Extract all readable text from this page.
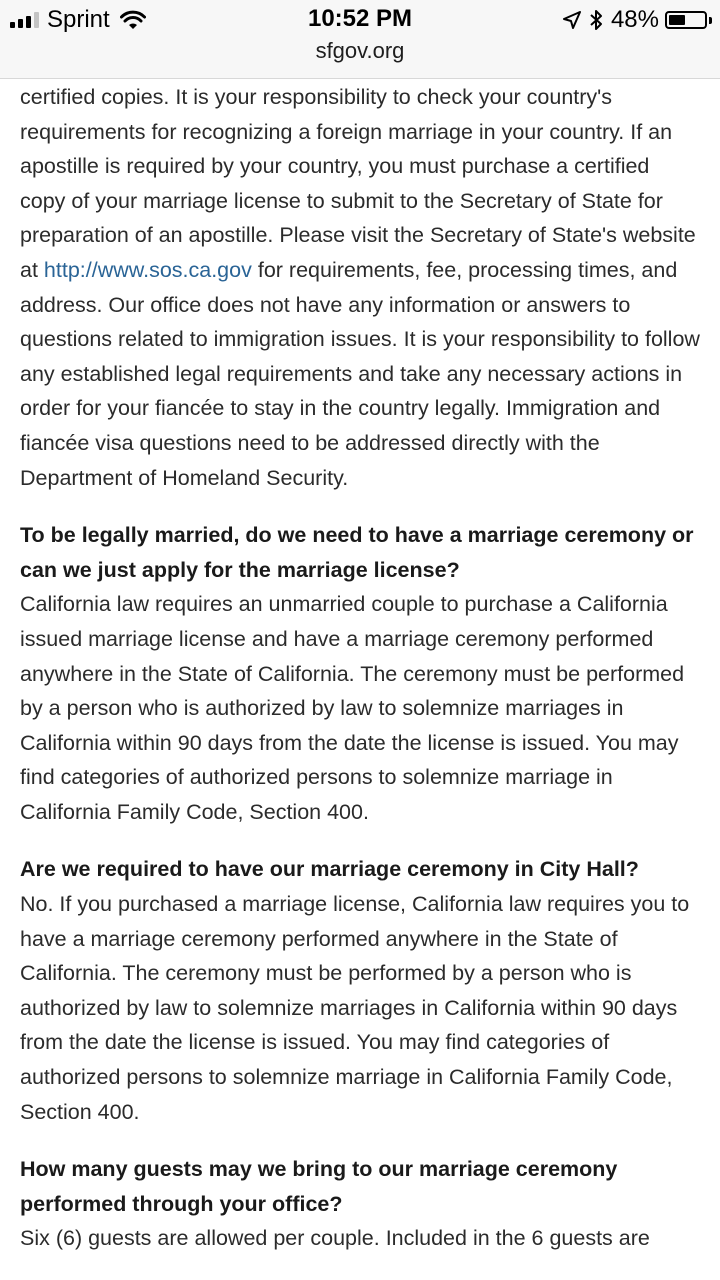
Sprint	10:52 PM
sfgov.org
48%

certified copies. It is your responsibility to check your country's requirements for recognizing a foreign marriage in your country. If an apostille is required by your country, you must purchase a certified copy of your marriage license to submit to the Secretary of State for preparation of an apostille. Please visit the Secretary of State's website at http://www.sos.ca.gov for requirements, fee, processing times, and address. Our office does not have any information or answers to questions related to immigration issues. It is your responsibility to follow any established legal requirements and take any necessary actions in order for your fiancée to stay in the country legally. Immigration and fiancée visa questions need to be addressed directly with the Department of Homeland Security.

To be legally married, do we need to have a marriage ceremony or can we just apply for the marriage license?

California law requires an unmarried couple to purchase a California issued marriage license and have a marriage ceremony performed anywhere in the State of California. The ceremony must be performed by a person who is authorized by law to solemnize marriages in California within 90 days from the date the license is issued. You may find categories of authorized persons to solemnize marriage in California Family Code, Section 400.

Are we required to have our marriage ceremony in City Hall?

No. If you purchased a marriage license, California law requires you to have a marriage ceremony performed anywhere in the State of California. The ceremony must be performed by a person who is authorized by law to solemnize marriages in California within 90 days from the date the license is issued. You may find categories of authorized persons to solemnize marriage in California Family Code, Section 400.

How many guests may we bring to our marriage ceremony performed through your office?

Six (6) guests are allowed per couple. Included in the 6 guests are
